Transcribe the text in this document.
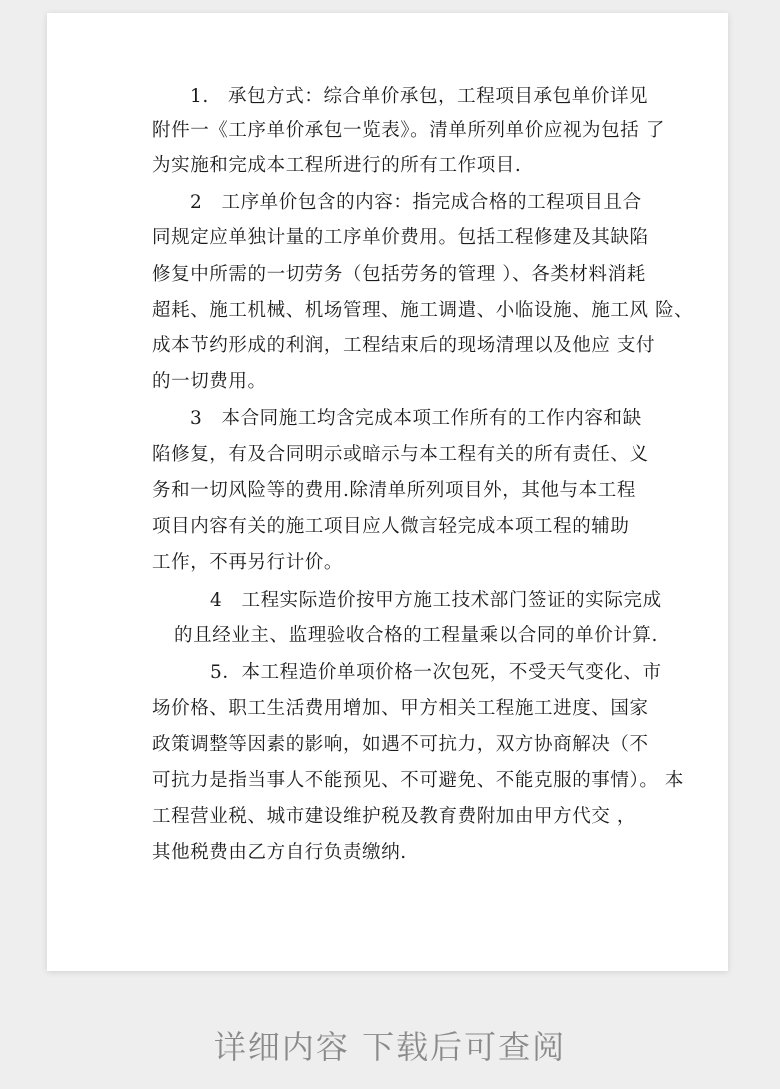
1.　承包方式：综合单价承包，工程项目承包单价详见
附件一《工序单价承包一览表》。清单所列单价应视为包括 了
为实施和完成本工程所进行的所有工作项目.
2　工序单价包含的内容：指完成合格的工程项目且合
同规定应单独计量的工序单价费用。包括工程修建及其缺陷
修复中所需的一切劳务（包括劳务的管理 ）、各类材料消耗
超耗、施工机械、机场管理、施工调遣、小临设施、施工风 险、
成本节约形成的利润，工程结束后的现场清理以及他应 支付
的一切费用。
3　本合同施工均含完成本项工作所有的工作内容和缺
陷修复，有及合同明示或暗示与本工程有关的所有责任、义
务和一切风险等的费用.除清单所列项目外，其他与本工程
项目内容有关的施工项目应人微言轻完成本项工程的辅助
工作，不再另行计价。
4　工程实际造价按甲方施工技术部门签证的实际完成
的且经业主、监理验收合格的工程量乘以合同的单价计算.
5．本工程造价单项价格一次包死，不受天气变化、市
场价格、职工生活费用增加、甲方相关工程施工进度、国家
政策调整等因素的影响，如遇不可抗力，双方协商解决（不
可抗力是指当事人不能预见、不可避免、不能克服的事情）。 本
工程营业税、城市建设维护税及教育费附加由甲方代交 ，
其他税费由乙方自行负责缴纳.
详细内容 下载后可查阅
